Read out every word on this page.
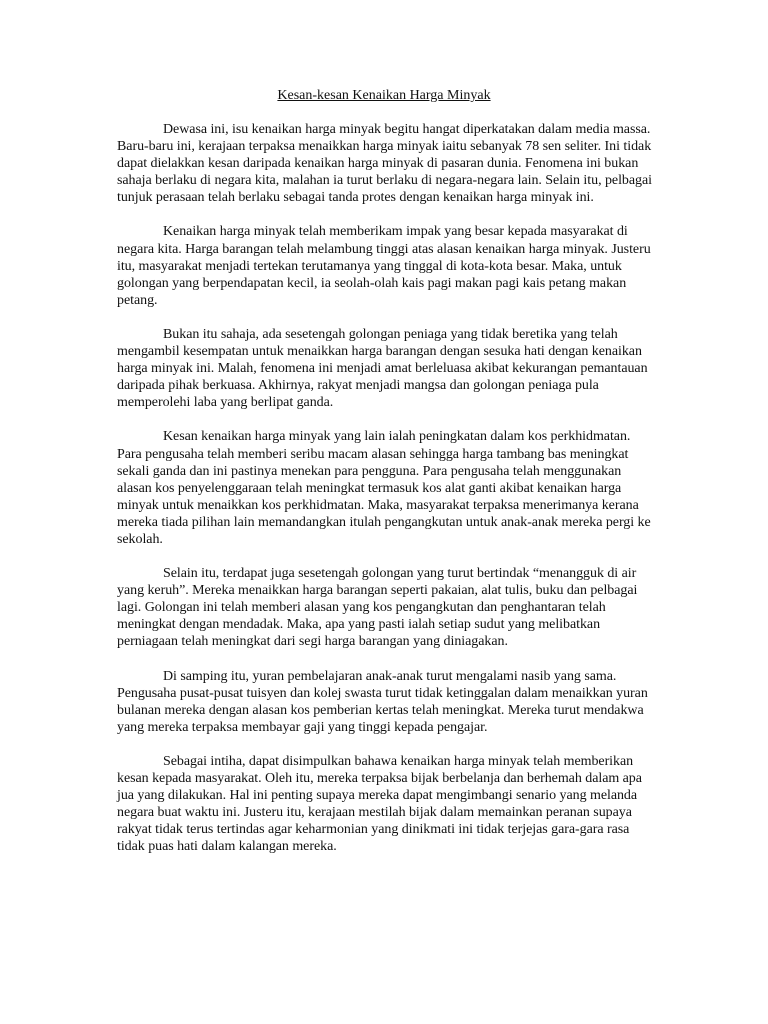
Kesan-kesan Kenaikan Harga Minyak

Dewasa ini, isu kenaikan harga minyak begitu hangat diperkatakan dalam media massa. Baru-baru ini, kerajaan terpaksa menaikkan harga minyak iaitu sebanyak 78 sen seliter. Ini tidak dapat dielakkan kesan daripada kenaikan harga minyak di pasaran dunia. Fenomena ini bukan sahaja berlaku di negara kita, malahan ia turut berlaku di negara-negara lain. Selain itu, pelbagai tunjuk perasaan telah berlaku sebagai tanda protes dengan kenaikan harga minyak ini.

Kenaikan harga minyak telah memberikam impak yang besar kepada masyarakat di negara kita. Harga barangan telah melambung tinggi atas alasan kenaikan harga minyak. Justeru itu, masyarakat menjadi tertekan terutamanya yang tinggal di kota-kota besar. Maka, untuk golongan yang berpendapatan kecil, ia seolah-olah kais pagi makan pagi kais petang makan petang.

Bukan itu sahaja, ada sesetengah golongan peniaga yang tidak beretika yang telah mengambil kesempatan untuk menaikkan harga barangan dengan sesuka hati dengan kenaikan harga minyak ini. Malah, fenomena ini menjadi amat berleluasa akibat kekurangan pemantauan daripada pihak berkuasa. Akhirnya, rakyat menjadi mangsa dan golongan peniaga pula memperolehi laba yang berlipat ganda.

Kesan kenaikan harga minyak yang lain ialah peningkatan dalam kos perkhidmatan. Para pengusaha telah memberi seribu macam alasan sehingga harga tambang bas meningkat sekali ganda dan ini pastinya menekan para pengguna. Para pengusaha telah menggunakan alasan kos penyelenggaraan telah meningkat termasuk kos alat ganti akibat kenaikan harga minyak untuk menaikkan kos perkhidmatan. Maka, masyarakat terpaksa menerimanya kerana mereka tiada pilihan lain memandangkan itulah pengangkutan untuk anak-anak mereka pergi ke sekolah.

Selain itu, terdapat juga sesetengah golongan yang turut bertindak “menangguk di air yang keruh”. Mereka menaikkan harga barangan seperti pakaian, alat tulis, buku dan pelbagai lagi. Golongan ini telah memberi alasan yang kos pengangkutan dan penghantaran telah meningkat dengan mendadak. Maka, apa yang pasti ialah setiap sudut yang melibatkan perniagaan telah meningkat dari segi harga barangan yang diniagakan.

Di samping itu, yuran pembelajaran anak-anak turut mengalami nasib yang sama. Pengusaha pusat-pusat tuisyen dan kolej swasta turut tidak ketinggalan dalam menaikkan yuran bulanan mereka dengan alasan kos pemberian kertas telah meningkat. Mereka turut mendakwa yang mereka terpaksa membayar gaji yang tinggi kepada pengajar.

Sebagai intiha, dapat disimpulkan bahawa kenaikan harga minyak telah memberikan kesan kepada masyarakat. Oleh itu, mereka terpaksa bijak berbelanja dan berhemah dalam apa jua yang dilakukan. Hal ini penting supaya mereka dapat mengimbangi senario yang melanda negara buat waktu ini. Justeru itu, kerajaan mestilah bijak dalam memainkan peranan supaya rakyat tidak terus tertindas agar keharmonian yang dinikmati ini tidak terjejas gara-gara rasa tidak puas hati dalam kalangan mereka.
